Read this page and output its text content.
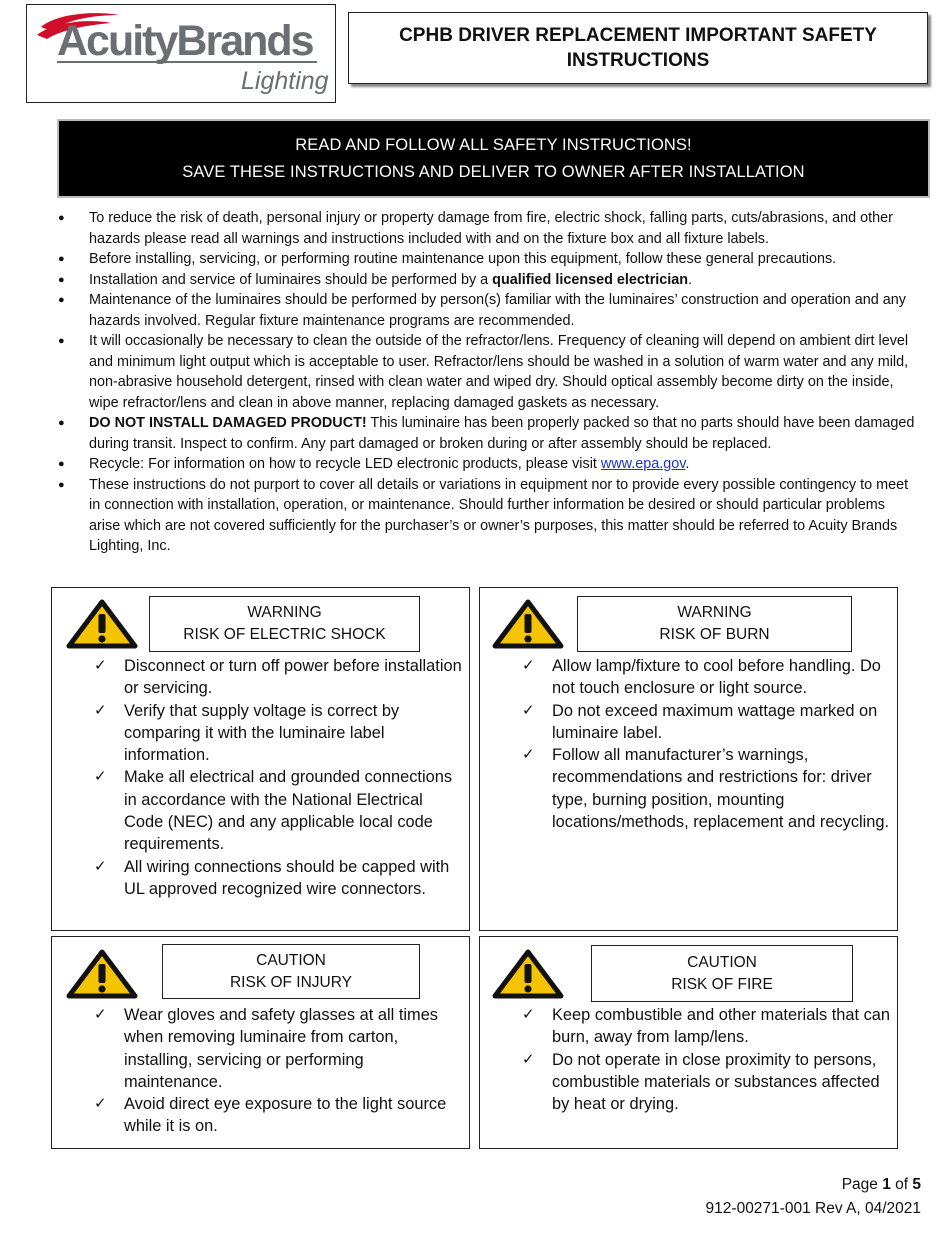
AcuityBrands
Lighting
CPHB DRIVER REPLACEMENT IMPORTANT SAFETY
INSTRUCTIONS
READ AND FOLLOW ALL SAFETY INSTRUCTIONS!
SAVE THESE INSTRUCTIONS AND DELIVER TO OWNER AFTER INSTALLATION
● To reduce the risk of death, personal injury or property damage from fire, electric shock, falling parts, cuts/abrasions, and other hazards please read all warnings and instructions included with and on the fixture box and all fixture labels.
● Before installing, servicing, or performing routine maintenance upon this equipment, follow these general precautions.
● Installation and service of luminaires should be performed by a qualified licensed electrician.
● Maintenance of the luminaires should be performed by person(s) familiar with the luminaires’ construction and operation and any hazards involved. Regular fixture maintenance programs are recommended.
● It will occasionally be necessary to clean the outside of the refractor/lens. Frequency of cleaning will depend on ambient dirt level and minimum light output which is acceptable to user. Refractor/lens should be washed in a solution of warm water and any mild, non-abrasive household detergent, rinsed with clean water and wiped dry. Should optical assembly become dirty on the inside, wipe refractor/lens and clean in above manner, replacing damaged gaskets as necessary.
● DO NOT INSTALL DAMAGED PRODUCT! This luminaire has been properly packed so that no parts should have been damaged during transit. Inspect to confirm. Any part damaged or broken during or after assembly should be replaced.
● Recycle: For information on how to recycle LED electronic products, please visit www.epa.gov.
● These instructions do not purport to cover all details or variations in equipment nor to provide every possible contingency to meet in connection with installation, operation, or maintenance. Should further information be desired or should particular problems arise which are not covered sufficiently for the purchaser’s or owner’s purposes, this matter should be referred to Acuity Brands Lighting, Inc.
WARNING
RISK OF ELECTRIC SHOCK
✓ Disconnect or turn off power before installation or servicing.
✓ Verify that supply voltage is correct by comparing it with the luminaire label information.
✓ Make all electrical and grounded connections in accordance with the National Electrical Code (NEC) and any applicable local code requirements.
✓ All wiring connections should be capped with UL approved recognized wire connectors.
WARNING
RISK OF BURN
✓ Allow lamp/fixture to cool before handling. Do not touch enclosure or light source.
✓ Do not exceed maximum wattage marked on luminaire label.
✓ Follow all manufacturer’s warnings, recommendations and restrictions for: driver type, burning position, mounting locations/methods, replacement and recycling.
CAUTION
RISK OF INJURY
✓ Wear gloves and safety glasses at all times when removing luminaire from carton, installing, servicing or performing maintenance.
✓ Avoid direct eye exposure to the light source while it is on.
CAUTION
RISK OF FIRE
✓ Keep combustible and other materials that can burn, away from lamp/lens.
✓ Do not operate in close proximity to persons, combustible materials or substances affected by heat or drying.
Page 1 of 5
912-00271-001 Rev A, 04/2021
